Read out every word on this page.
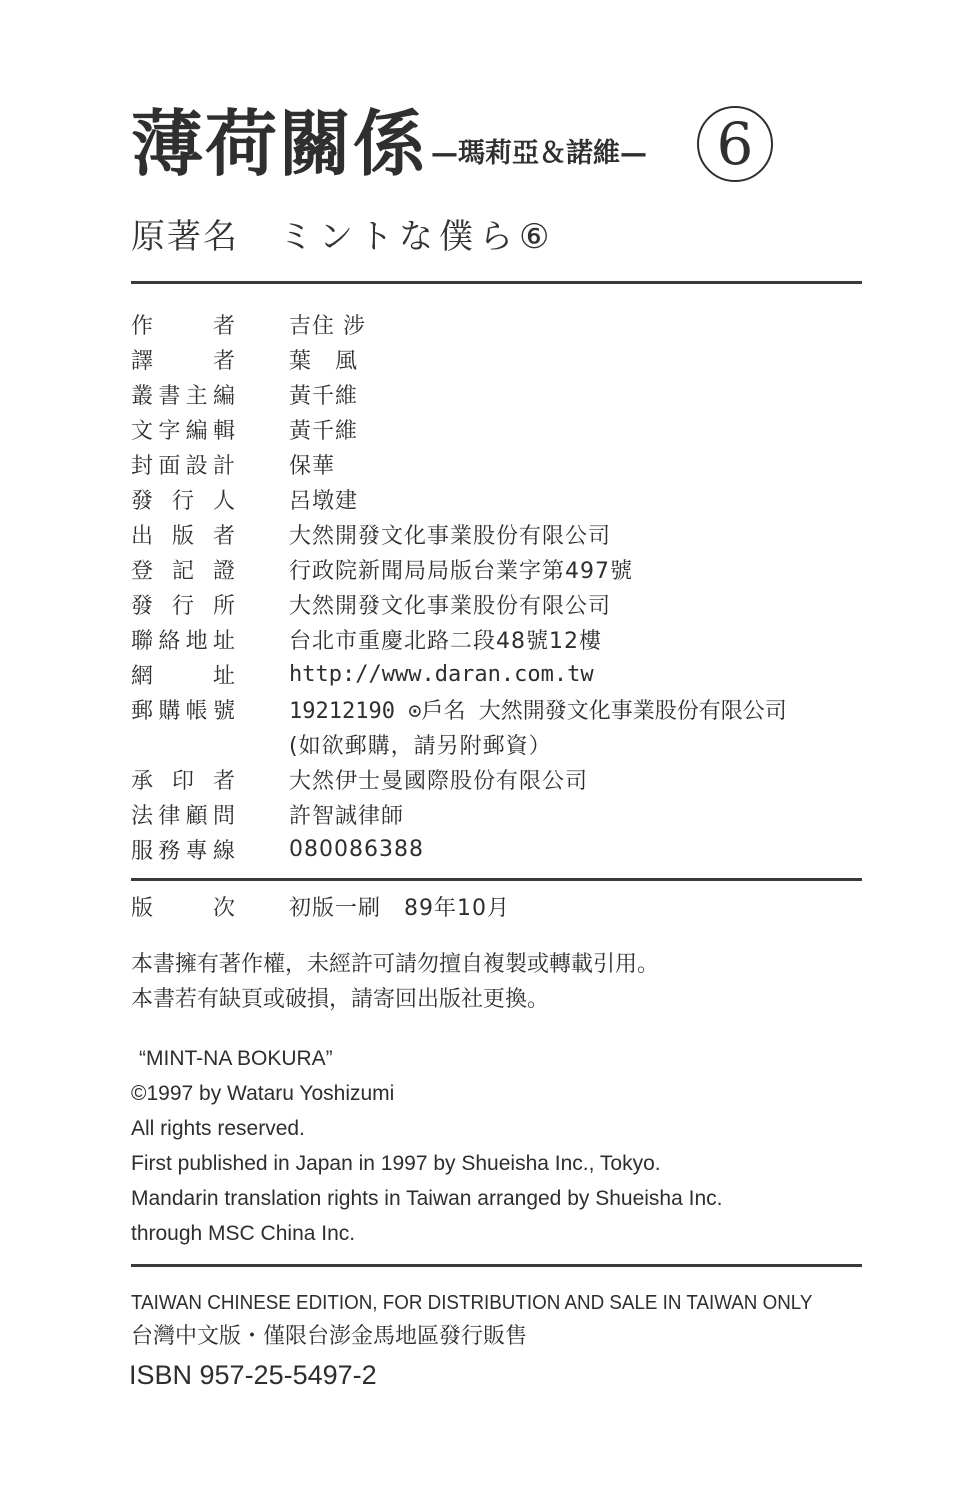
薄荷關係 —瑪莉亞＆諾維— 6
原著名 ミントな僕ら⑥
作	者 吉住 涉
譯	者 葉　風
叢 書 主 編 黃千維
文 字 編 輯 黃千維
封 面 設 計 保華
發 行 人 呂墩建
出 版 者 大然開發文化事業股份有限公司
登 記 證 行政院新聞局局版台業字第497號
發 行 所 大然開發文化事業股份有限公司
聯 絡 地 址 台北市重慶北路二段48號12樓
網	址 http://www.daran.com.tw
郵 購 帳 號 19212190 ⊙戶名 大然開發文化事業股份有限公司
(如欲郵購，請另附郵資）
承 印 者 大然伊士曼國際股份有限公司
法 律 顧 問 許智誠律師
服 務 專 線 080086388
版	次 初版一刷　89年10月
本書擁有著作權，未經許可請勿擅自複製或轉載引用。
本書若有缺頁或破損，請寄回出版社更換。
“MINT-NA BOKURA”
©1997 by Wataru Yoshizumi
All rights reserved.
First published in Japan in 1997 by Shueisha Inc., Tokyo.
Mandarin translation rights in Taiwan arranged by Shueisha Inc.
through MSC China Inc.
TAIWAN CHINESE EDITION, FOR DISTRIBUTION AND SALE IN TAIWAN ONLY
台灣中文版・僅限台澎金馬地區發行販售
ISBN 957-25-5497-2
